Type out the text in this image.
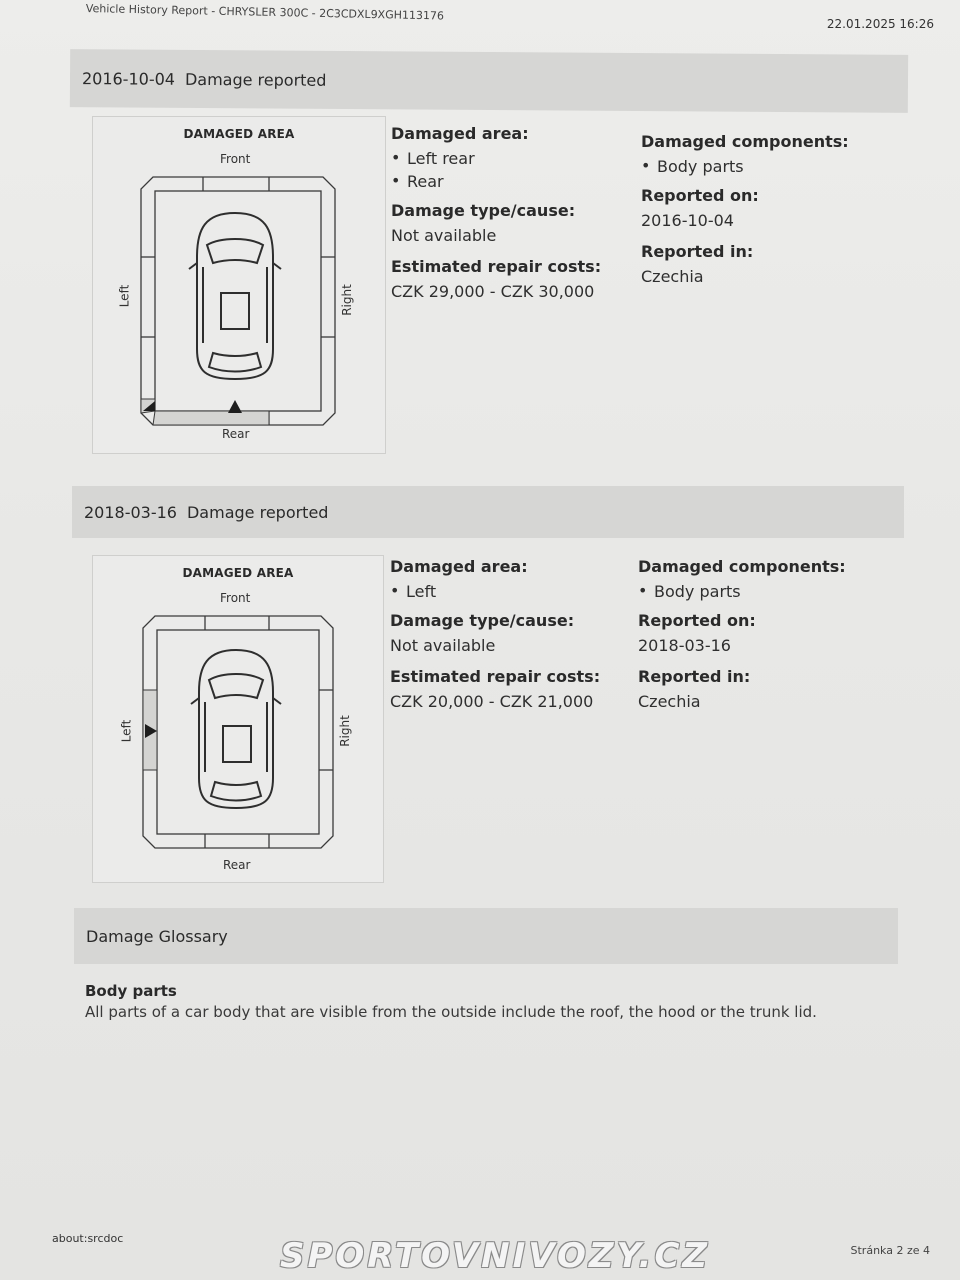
Vehicle History Report - CHRYSLER 300C - 2C3CDXL9XGH113176
22.01.2025 16:26
2016-10-04 Damage reported
DAMAGED AREA
Front
Rear
Left	Right
Damaged area:
• Left rear
• Rear
Damage type/cause:
Not available
Estimated repair costs:
CZK 29,000 - CZK 30,000
Damaged components:
• Body parts
Reported on:
2016-10-04
Reported in:
Czechia
2018-03-16 Damage reported
DAMAGED AREA
Front
Rear
Left	Right
Damaged area:
• Left
Damage type/cause:
Not available
Estimated repair costs:
CZK 20,000 - CZK 21,000
Damaged components:
• Body parts
Reported on:
2018-03-16
Reported in:
Czechia
Damage Glossary
Body parts
All parts of a car body that are visible from the outside include the roof, the hood or the trunk lid.
about:srcdoc
Stránka 2 ze 4
SPORTOVNIVOZY.CZ
